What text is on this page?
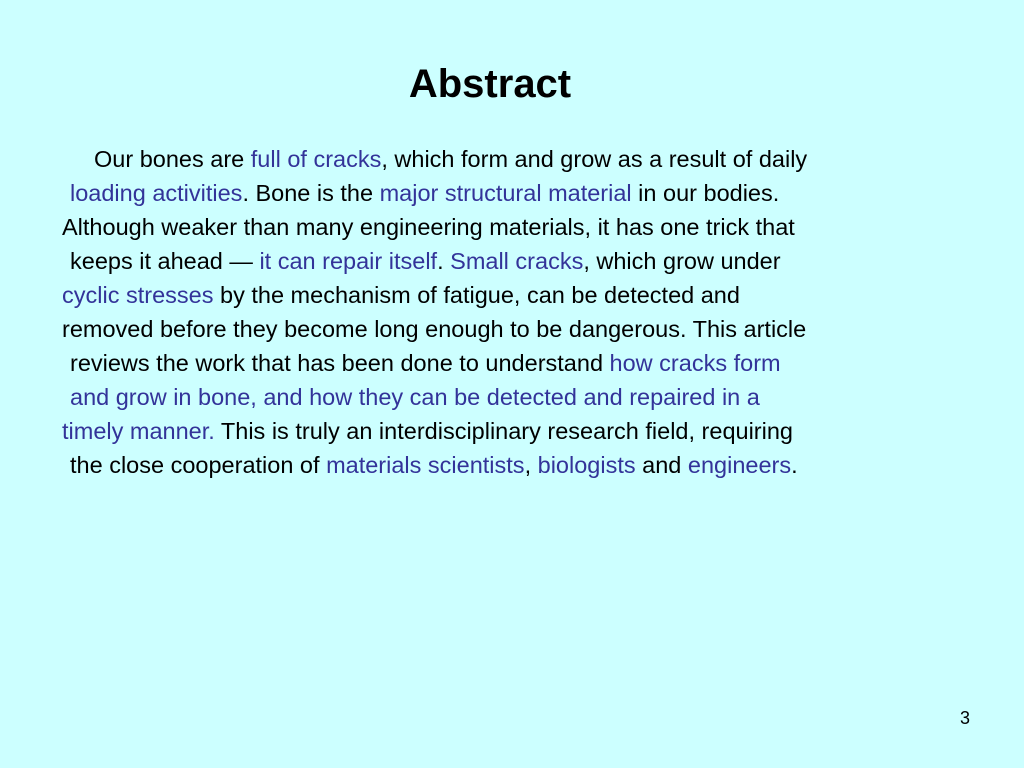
Abstract
Our bones are full of cracks, which form and grow as a result of daily
loading activities. Bone is the major structural material in our bodies.
Although weaker than many engineering materials, it has one trick that
keeps it ahead — it can repair itself. Small cracks, which grow under
cyclic stresses by the mechanism of fatigue, can be detected and
removed before they become long enough to be dangerous. This article
reviews the work that has been done to understand how cracks form
and grow in bone, and how they can be detected and repaired in a
timely manner. This is truly an interdisciplinary research field, requiring
the close cooperation of materials scientists, biologists and engineers.
3
